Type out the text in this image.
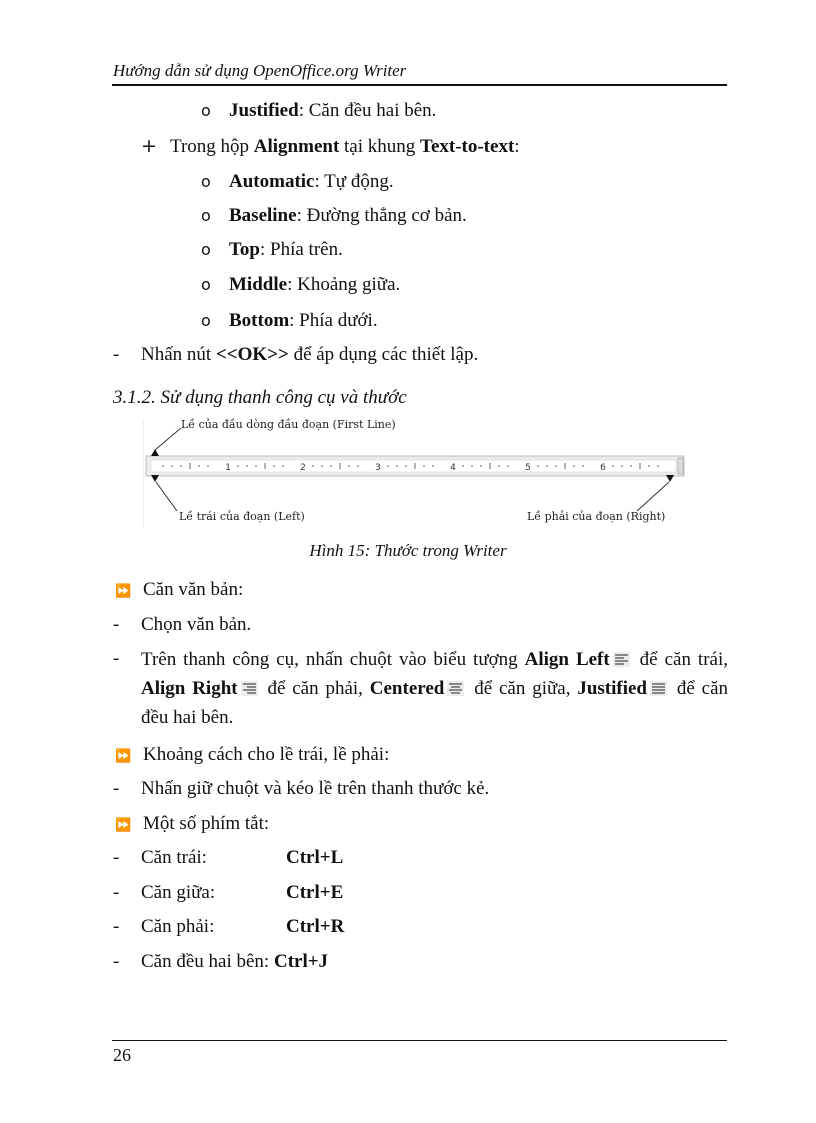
Hướng dẫn sử dụng OpenOffice.org Writer
o Justified: Căn đều hai bên.
+ Trong hộp Alignment tại khung Text-to-text:
o Automatic: Tự động.
o Baseline: Đường thẳng cơ bản.
o Top: Phía trên.
o Middle: Khoảng giữa.
o Bottom: Phía dưới.
- Nhấn nút <<OK>> để áp dụng các thiết lập.
3.1.2. Sử dụng thanh công cụ và thước
1	2	3	4	5	6
Lề của đầu dòng đầu đoạn (First Line)
Lề trái của đoạn (Left)	Lề phải của đoạn (Right)
Hình 15: Thước trong Writer
⏩ Căn văn bản:
- Chọn văn bản.
- Trên thanh công cụ, nhấn chuột vào biểu tượng Align Left
để căn trái, Align Right
để căn phải, Centered
để căn giữa, Justified
để căn đều hai bên.
⏩ Khoảng cách cho lề trái, lề phải:
- Nhấn giữ chuột và kéo lề trên thanh thước kẻ.
⏩ Một số phím tắt:
- Căn trái:	Ctrl+L
- Căn giữa:	Ctrl+E
- Căn phải:	Ctrl+R
- Căn đều hai bên: Ctrl+J
26
